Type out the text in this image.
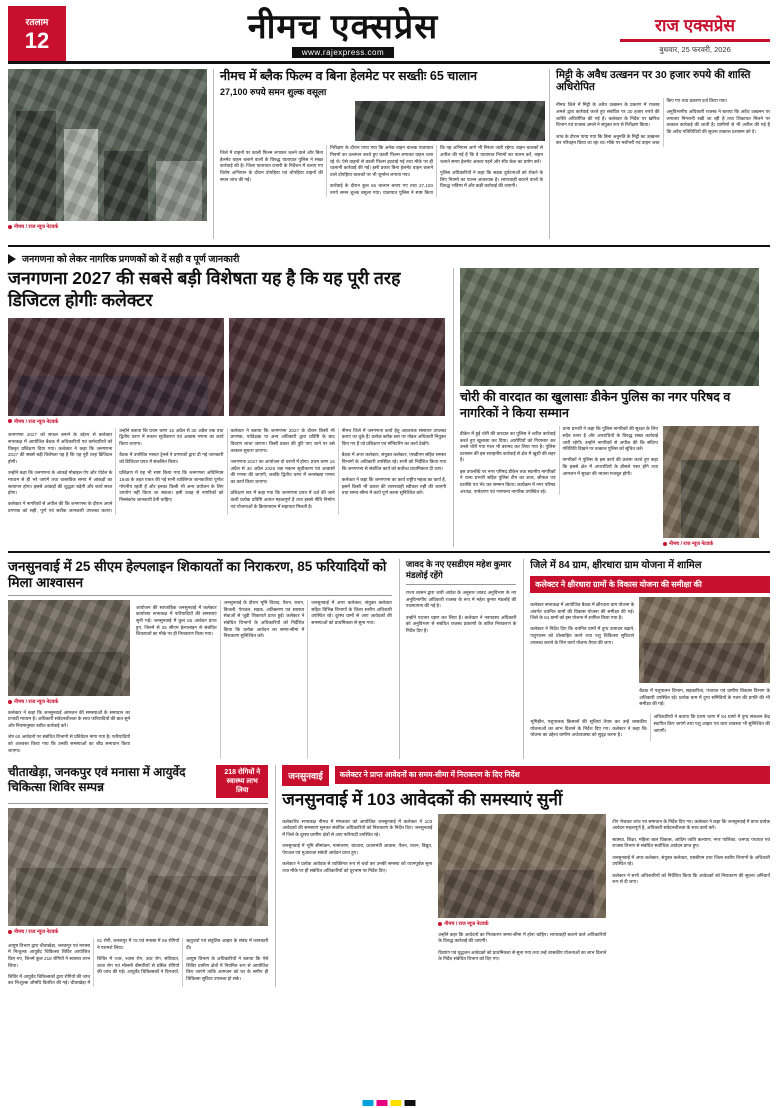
रतलाम
12	नीमच एक्सप्रेस
www.rajexpress.com
राज एक्सप्रेस
बुधवार, 25 फरवरी, 2026
नीमच / राज न्यूज नेटवर्क
नीमच में ब्लैक फिल्म व बिना हेलमेट पर सख्तीः 65 चालान
27,100 रुपये समन शुल्क वसूला

जिले में वाहनों पर काली फिल्म लगाकर चलने वाले और बिना हेलमेट वाहन चलाने वालों के विरुद्ध यातायात पुलिस ने सख्त कार्रवाई की है। जिला यातायात प्रभारी के निर्देशन में चलाए गए विशेष अभियान के दौरान दोपहिया एवं चौपहिया वाहनों की सघन जांच की गई।

निरीक्षण के दौरान पाया गया कि अनेक वाहन चालक यातायात नियमों का उल्लंघन करते हुए काली फिल्म लगाकर वाहन चला रहे थे। ऐसे वाहनों से काली फिल्म हटवाई गई तथा मौके पर ही चालानी कार्रवाई की गई। इसी प्रकार बिना हेलमेट वाहन चलाने वाले दोपहिया चालकों पर भी जुर्माना लगाया गया।

कार्रवाई के दौरान कुल 65 चालान बनाए गए तथा 27,100 रुपये समन शुल्क वसूला गया। यातायात पुलिस ने स्पष्ट किया कि यह अभियान आगे भी निरंतर जारी रहेगा। वाहन चालकों से अपील की गई है कि वे यातायात नियमों का पालन करें, वाहन चलाते समय हेलमेट अवश्य पहनें और सीट बेल्ट का प्रयोग करें।

पुलिस अधिकारियों ने कहा कि सड़क दुर्घटनाओं को रोकने के लिए नियमों का पालन आवश्यक है। लापरवाही बरतने वालों के विरुद्ध भविष्य में और कड़ी कार्रवाई की जाएगी।

मिट्टी के अवैध उत्खनन पर 30 हजार रुपये की शास्ति अधिरोपित

नीमच जिले में मिट्टी के अवैध उत्खनन के प्रकरण में राजस्व अमले द्वारा कार्रवाई करते हुए संबंधित पर 30 हजार रुपये की शास्ति अधिरोपित की गई है। कलेक्टर के निर्देश पर खनिज विभाग एवं राजस्व अमले ने संयुक्त रूप से निरीक्षण किया।

जांच के दौरान पाया गया कि बिना अनुमति के मिट्टी का उत्खनन कर परिवहन किया जा रहा था। मौके पर मशीनरी एवं वाहन जब्त किए गए तथा प्रकरण दर्ज किया गया।

अनुविभागीय अधिकारी राजस्व ने बताया कि अवैध उत्खनन पर लगातार निगरानी रखी जा रही है तथा शिकायत मिलने पर तत्काल कार्रवाई की जाती है। ग्रामीणों से भी अपील की गई है कि अवैध गतिविधियों की सूचना तत्काल प्रशासन को दें।

जनगणना को लेकर नागरिक प्रगणकों को दें सही व पूर्ण जानकारी
जनगणना 2027 की सबसे बड़ी विशेषता यह है कि यह पूरी तरह डिजिटल होगीः कलेक्टर
नीमच / राज न्यूज नेटवर्क

जनगणना 2027 को सफल बनाने के उद्देश्य से कलेक्टर सभाकक्ष में आयोजित बैठक में अधिकारियों एवं कर्मचारियों को विस्तृत प्रशिक्षण दिया गया। कलेक्टर ने कहा कि जनगणना 2027 की सबसे बड़ी विशेषता यह है कि यह पूरी तरह डिजिटल होगी।

उन्होंने कहा कि जनगणना के आंकड़े मोबाइल ऐप और पोर्टल के माध्यम से ही भरे जाएंगे तथा वास्तविक समय में आंकड़ों का सत्यापन होगा। इससे आंकड़ों की शुद्धता बढ़ेगी और कार्य सरल होगा।

कलेक्टर ने नागरिकों से अपील की कि जनगणना के दौरान अपने प्रगणक को सही, पूर्ण एवं सटीक जानकारी उपलब्ध कराएं। उन्होंने बताया कि प्रथम चरण 16 अप्रैल से 30 अप्रैल तक तथा द्वितीय चरण में मकान सूचीकरण एवं आवास गणना का कार्य किया जाएगा।

बैठक में उपस्थित मास्टर ट्रेनर्स ने प्रगणकों द्वारा दी गई जानकारी को डिजिटल प्रपत्र में संकलित किया।

प्रशिक्षण में यह भी स्पष्ट किया गया कि जनगणना अधिनियम 1948 के तहत एकत्र की गई सभी व्यक्तिगत जानकारियां पूर्णतः गोपनीय रहती हैं और इनका किसी भी अन्य प्रयोजन के लिए उपयोग नहीं किया जा सकता। इसी वजह से नागरिकों को निस्संकोच जानकारी देनी चाहिए।

कलेक्टर ने बताया कि जनगणना 2027 के दौरान किसी भी प्रगणक, पर्यवेक्षक या अन्य अधिकारी द्वारा प्रविष्टि के बाद विवरण जांचा जाएगा। किसी प्रकार की त्रुटि पाए जाने पर उसे तत्काल सुधारा जाएगा।

जनगणना 2027 का आयोजन दो चरणों में होगा। प्रथम चरण 16 अप्रैल से 30 अप्रैल 2026 तक मकान सूचीकरण एवं आवासों की गणना की जाएगी, जबकि द्वितीय चरण में जनसंख्या गणना का कार्य किया जाएगा।

प्रशिक्षण सत्र में कहा गया कि जनगणना प्रपत्र में दर्ज की जाने वाली प्रत्येक प्रविष्टि अत्यंत महत्वपूर्ण है तथा इससे नीति निर्माण एवं योजनाओं के क्रियान्वयन में सहायता मिलती है।

नीमच जिले में जनगणना कार्य हेतु आवश्यक संसाधन उपलब्ध कराए जा चुके हैं। प्रत्येक ब्लॉक स्तर पर नोडल अधिकारी नियुक्त किए गए हैं जो प्रशिक्षण एवं मॉनिटरिंग का कार्य देखेंगे।

बैठक में अपर कलेक्टर, संयुक्त कलेक्टर, एसडीएम सहित समस्त विभागों के अधिकारी उपस्थित रहे। सभी को निर्देशित किया गया कि जनगणना से संबंधित कार्य को सर्वोच्च प्राथमिकता दी जाए।

कलेक्टर ने कहा कि जनगणना का कार्य राष्ट्रीय महत्व का कार्य है, इसमें किसी भी प्रकार की लापरवाही स्वीकार नहीं की जाएगी तथा समय-सीमा में कार्य पूर्ण करना सुनिश्चित करें।

चोरी की वारदात का खुलासाः डीकेन पुलिस का नगर परिषद व नागरिकों ने किया सम्मान

डीकेन में हुई चोरी की वारदात का पुलिस ने त्वरित कार्रवाई करते हुए खुलासा कर दिया। आरोपियों को गिरफ्तार कर उनसे चोरी गया माल भी बरामद कर लिया गया है। पुलिस प्रशासन की इस सराहनीय कार्रवाई से क्षेत्र में खुशी की लहर है।

इस उपलब्धि पर नगर परिषद डीकेन तथा स्थानीय नागरिकों ने थाना प्रभारी सहित पुलिस टीम का शाल, श्रीफल एवं प्रशस्ति पत्र भेंट कर सम्मान किया। कार्यक्रम में नगर परिषद अध्यक्ष, पार्षदगण एवं गणमान्य नागरिक उपस्थित रहे।

थाना प्रभारी ने कहा कि पुलिस नागरिकों की सुरक्षा के लिए सदैव तत्पर है और अपराधियों के विरुद्ध सख्त कार्रवाई जारी रहेगी। उन्होंने नागरिकों से अपील की कि संदिग्ध गतिविधि दिखने पर तत्काल पुलिस को सूचित करें।

नागरिकों ने पुलिस के इस कार्य की प्रशंसा करते हुए कहा कि इससे क्षेत्र में अपराधियों के हौसले पस्त होंगे तथा आमजन में सुरक्षा की भावना मजबूत होगी।

नीमच / राज न्यूज नेटवर्क
जनसुनवाई में 25 सीएम हेल्पलाइन शिकायतों का निराकरण, 85 फरियादियों को मिला आश्वासन
नीमच / राज न्यूज नेटवर्क

कलेक्टर ने कहा कि जनसुनवाई आमजन की समस्याओं के समाधान का प्रभावी माध्यम है। अधिकारी संवेदनशीलता के साथ फरियादियों की बात सुनें और नियमानुसार त्वरित कार्रवाई करें।

शेष 60 आवेदनों पर संबंधित विभागों से प्रतिवेदन मांगा गया है। फरियादियों को आश्वस्त किया गया कि उनकी समस्याओं का शीघ्र समाधान किया जाएगा।

आयोजन की साप्ताहिक जनसुनवाई में कलेक्टर कार्यालय सभाकक्ष में फरियादियों की समस्याएं सुनी गईं। जनसुनवाई में कुल 85 आवेदन प्राप्त हुए, जिनमें से 25 सीएम हेल्पलाइन से संबंधित शिकायतों का मौके पर ही निराकरण किया गया।

जनसुनवाई के दौरान भूमि विवाद, पेंशन, राशन, बिजली, पेयजल, सड़क, अतिक्रमण एवं स्वास्थ्य सेवाओं से जुड़ी शिकायतें प्राप्त हुईं। कलेक्टर ने संबंधित विभागों के अधिकारियों को निर्देशित किया कि प्रत्येक आवेदन का समय-सीमा में निराकरण सुनिश्चित करें।

जनसुनवाई में अपर कलेक्टर, संयुक्त कलेक्टर सहित विभिन्न विभागों के जिला स्तरीय अधिकारी उपस्थित रहे। दूरस्थ ग्रामों से आए आवेदकों की समस्याओं को प्राथमिकता से सुना गया।

जावद के नए एसडीएम महेश कुमार मंडलोई रहेंगे

राज्य शासन द्वारा जारी आदेश के अनुसार जावद अनुविभाग के नए अनुविभागीय अधिकारी राजस्व के रूप में महेश कुमार मंडलोई की पदस्थापना की गई है।

उन्होंने पदभार ग्रहण कर लिया है। कलेक्टर ने नवपदस्थ अधिकारी को अनुविभाग से संबंधित राजस्व प्रकरणों के त्वरित निराकरण के निर्देश दिए हैं।

जिले में 84 ग्राम, क्षीरधारा ग्राम योजना में शामिल
कलेक्टर ने क्षीरधारा ग्रामों के विकास योजना की समीक्षा की

कलेक्टर सभाकक्ष में आयोजित बैठक में क्षीरधारा ग्राम योजना के अंतर्गत चयनित ग्रामों की विकास योजना की समीक्षा की गई। जिले के 84 ग्रामों को इस योजना में शामिल किया गया है।

कलेक्टर ने निर्देश दिए कि चयनित ग्रामों में दुग्ध उत्पादन बढ़ाने, पशुपालन को प्रोत्साहित करने तथा पशु चिकित्सा सुविधाएं उपलब्ध कराने के लिए कार्य योजना तैयार की जाए।

बैठक में पशुपालन विभाग, सहकारिता, पंचायत एवं ग्रामीण विकास विभाग के अधिकारी उपस्थित रहे। प्रत्येक ग्राम में दुग्ध समितियों के गठन की प्रगति की भी समीक्षा की गई।

भूमिहीन, पशुपालक किसानों की सूचियां तैयार कर उन्हें शासकीय योजनाओं का लाभ दिलाने के निर्देश दिए गए। कलेक्टर ने कहा कि योजना का उद्देश्य ग्रामीण अर्थव्यवस्था को सुदृढ़ करना है।

अधिकारियों ने बताया कि प्रथम चरण में 84 ग्रामों में दुग्ध संकलन केंद्र स्थापित किए जाएंगे तथा पशु आहार एवं चारा व्यवस्था भी सुनिश्चित की जाएगी।

चीताखेड़ा, जनकपुर एवं मनासा में आयुर्वेद चिकित्सा शिविर सम्पन्न
218 रोगियों ने स्वास्थ्य लाभ लिया
नीमच / राज न्यूज नेटवर्क

आयुष विभाग द्वारा चीताखेड़ा, जनकपुर एवं मनासा में निःशुल्क आयुर्वेद चिकित्सा शिविर आयोजित किए गए, जिनमें कुल 218 रोगियों ने स्वास्थ्य लाभ लिया।

शिविर में आयुर्वेद चिकित्सकों द्वारा रोगियों की जांच कर निःशुल्क औषधि वितरित की गई। चीताखेड़ा में 81 रोगी, जनकपुर में 78 एवं मनासा में 59 रोगियों ने परामर्श लिया।

शिविर में ज्वर, श्वास रोग, उदर रोग, संधिवात, त्वचा रोग एवं मौसमी बीमारियों से ग्रसित रोगियों की जांच की गई। आयुर्वेद चिकित्सकों ने दिनचर्या, ऋतुचर्या एवं संतुलित आहार के संबंध में जानकारी दी।

आयुष विभाग के अधिकारियों ने बताया कि ऐसे शिविर ग्रामीण क्षेत्रों में नियमित रूप से आयोजित किए जाएंगे ताकि आमजन को घर के समीप ही चिकित्सा सुविधा उपलब्ध हो सके।

जनसुनवाई	कलेक्टर ने प्राप्त आवेदनों का समय-सीमा में निराकरण के दिए निर्देश
जनसुनवाई में 103 आवेदकों की समस्याएं सुनीं

कलेक्टोरेट सभाकक्ष नीमच में मंगलवार को आयोजित जनसुनवाई में कलेक्टर ने 103 आवेदकों की समस्याएं सुनकर संबंधित अधिकारियों को निराकरण के निर्देश दिए। जनसुनवाई में जिले के दूरस्थ ग्रामीण क्षेत्रों से आए फरियादी उपस्थित रहे।

जनसुनवाई में भूमि सीमांकन, नामांतरण, बंटवारा, प्रधानमंत्री आवास, पेंशन, राशन, विद्युत, पेयजल एवं मुआवजा संबंधी आवेदन प्राप्त हुए।

कलेक्टर ने प्रत्येक आवेदक से व्यक्तिगत रूप से चर्चा कर उनकी समस्या को ध्यानपूर्वक सुना तथा मौके पर ही संबंधित अधिकारियों को दूरभाष पर निर्देश दिए।

नीमच / राज न्यूज नेटवर्क

उन्होंने कहा कि आवेदनों का निराकरण समय-सीमा में होना चाहिए। लापरवाही बरतने वाले अधिकारियों के विरुद्ध कार्रवाई की जाएगी।

दिव्यांग एवं वृद्धजन आवेदकों को प्राथमिकता से सुना गया तथा उन्हें शासकीय योजनाओं का लाभ दिलाने के निर्देश संबंधित विभाग को दिए गए।

टीप भेजकर जांच एवं समाधान के निर्देश दिए गए। कलेक्टर ने कहा कि जनसुनवाई में प्राप्त प्रत्येक आवेदन महत्वपूर्ण है, अधिकारी संवेदनशीलता के साथ कार्य करें।

स्वास्थ्य, शिक्षा, महिला बाल विकास, आदिम जाति कल्याण, नगर पालिका, जनपद पंचायत एवं राजस्व विभाग से संबंधित सर्वाधिक आवेदन प्राप्त हुए।

जनसुनवाई में अपर कलेक्टर, संयुक्त कलेक्टर, एसडीएम तथा जिला स्तरीय विभागों के अधिकारी उपस्थित रहे।

कलेक्टर ने सभी अधिकारियों को निर्देशित किया कि आवेदकों को निराकरण की सूचना अनिवार्य रूप से दी जाए।
